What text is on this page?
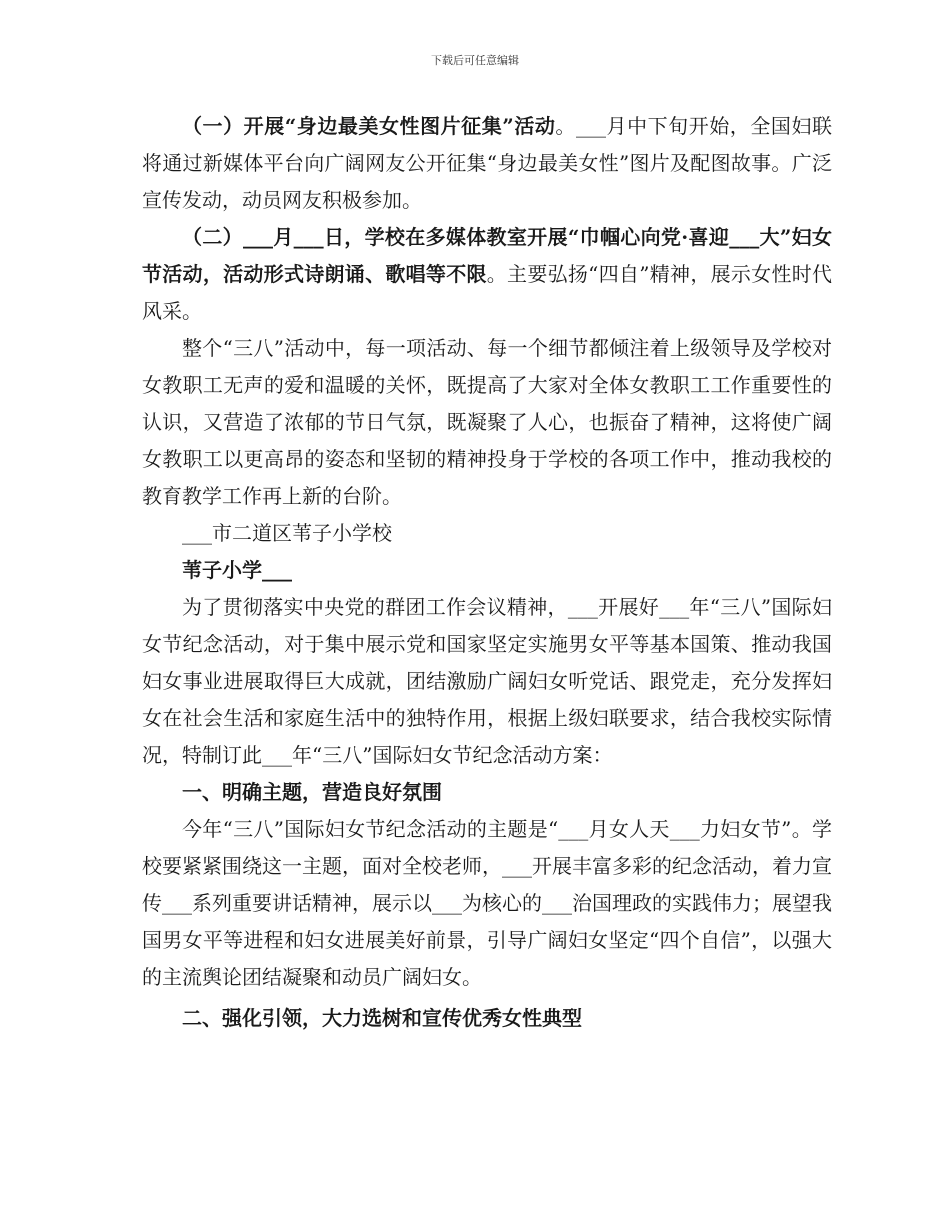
下载后可任意编辑

（一）开展“身边最美女性图片征集”活动。___月中下旬开始，全国妇联将通过新媒体平台向广阔网友公开征集“身边最美女性”图片及配图故事。广泛宣传发动，动员网友积极参加。

（二）___月___日，学校在多媒体教室开展“巾帼心向党·喜迎___大”妇女节活动，活动形式诗朗诵、歌唱等不限。主要弘扬“四自”精神，展示女性时代风采。

整个“三八”活动中，每一项活动、每一个细节都倾注着上级领导及学校对女教职工无声的爱和温暖的关怀，既提高了大家对全体女教职工工作重要性的认识，又营造了浓郁的节日气氛，既凝聚了人心，也振奋了精神，这将使广阔女教职工以更高昂的姿态和坚韧的精神投身于学校的各项工作中，推动我校的教育教学工作再上新的台阶。

___市二道区苇子小学校

苇子小学___

为了贯彻落实中央党的群团工作会议精神，___开展好___年“三八”国际妇女节纪念活动，对于集中展示党和国家坚定实施男女平等基本国策、推动我国妇女事业进展取得巨大成就，团结激励广阔妇女听党话、跟党走，充分发挥妇女在社会生活和家庭生活中的独特作用，根据上级妇联要求，结合我校实际情况，特制订此___年“三八”国际妇女节纪念活动方案：

一、明确主题，营造良好氛围

今年“三八”国际妇女节纪念活动的主题是“___月女人天___力妇女节”。学校要紧紧围绕这一主题，面对全校老师，___开展丰富多彩的纪念活动，着力宣传___系列重要讲话精神，展示以___为核心的___治国理政的实践伟力；展望我国男女平等进程和妇女进展美好前景，引导广阔妇女坚定“四个自信”，以强大的主流舆论团结凝聚和动员广阔妇女。

二、强化引领，大力选树和宣传优秀女性典型
